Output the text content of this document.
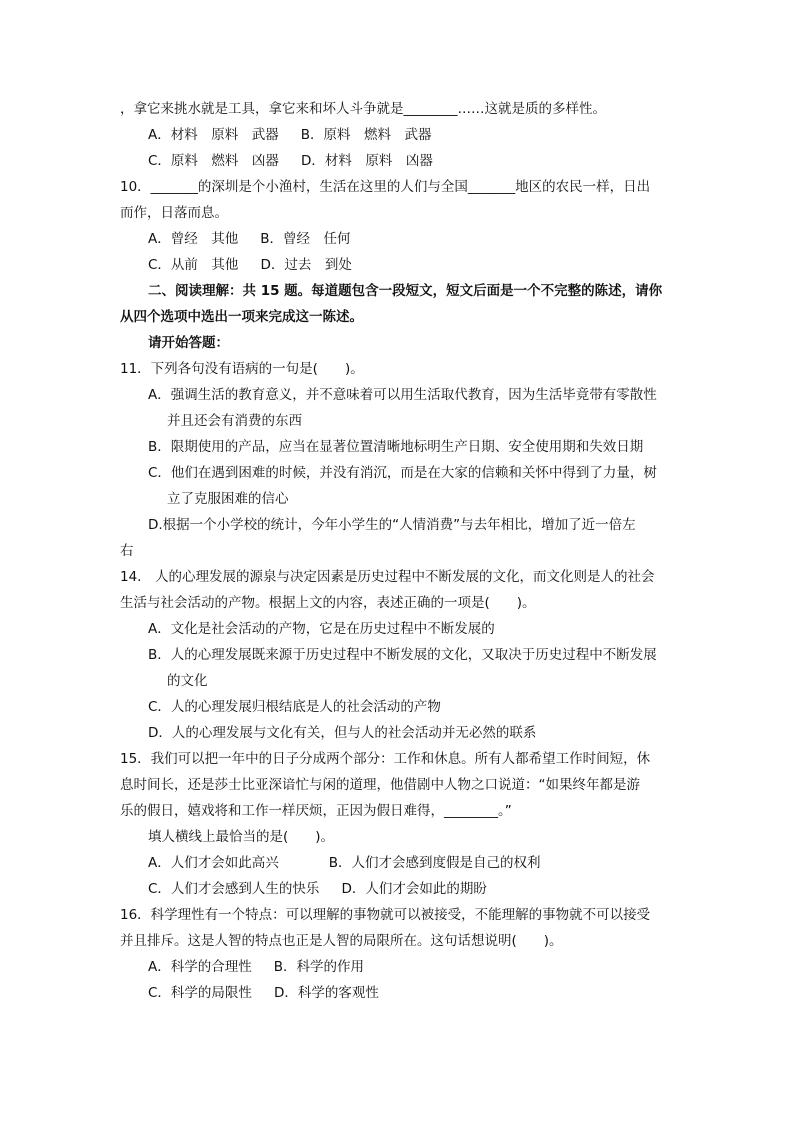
，拿它来挑水就是工具，拿它来和坏人斗争就是________……这就是质的多样性。
A．材料　原料　武器 B．原料　燃料　武器
C．原料　燃料　凶器 D．材料　原料　凶器
10．_______的深圳是个小渔村，生活在这里的人们与全国_______地区的农民一样，日出
而作，日落而息。
A．曾经　其他 B．曾经　任何
C．从前　其他 D．过去　到处
二、阅读理解：共 15 题。每道题包含一段短文，短文后面是一个不完整的陈述，请你
从四个选项中选出一项来完成这一陈述。
请开始答题：
11．下列各句没有语病的一句是(　　)。
A．强调生活的教育意义，并不意味着可以用生活取代教育，因为生活毕竟带有零散性
并且还会有消费的东西
B．限期使用的产品，应当在显著位置清晰地标明生产日期、安全使用期和失效日期
C．他们在遇到困难的时候，并没有消沉，而是在大家的信赖和关怀中得到了力量，树
立了克服困难的信心
D.根据一个小学校的统计，今年小学生的“人情消费”与去年相比，增加了近一倍左
右
14.　人的心理发展的源泉与决定因素是历史过程中不断发展的文化，而文化则是人的社会
生活与社会活动的产物。根据上文的内容，表述正确的一项是(　　)。
A．文化是社会活动的产物，它是在历史过程中不断发展的
B．人的心理发展既来源于历史过程中不断发展的文化，又取决于历史过程中不断发展
的文化
C．人的心理发展归根结底是人的社会活动的产物
D．人的心理发展与文化有关，但与人的社会活动并无必然的联系
15．我们可以把一年中的日子分成两个部分：工作和休息。所有人都希望工作时间短，休
息时间长，还是莎士比亚深谙忙与闲的道理，他借剧中人物之口说道：“如果终年都是游
乐的假日，嬉戏将和工作一样厌烦，正因为假日难得，________。”
填人横线上最恰当的是(　　)。
A．人们才会如此高兴	B．人们才会感到度假是自己的权利
C．人们才会感到人生的快乐 D．人们才会如此的期盼
16．科学理性有一个特点：可以理解的事物就可以被接受，不能理解的事物就不可以接受
并且排斥。这是人智的特点也正是人智的局限所在。这句话想说明(　　)。
A．科学的合理性 B．科学的作用
C．科学的局限性 D．科学的客观性
